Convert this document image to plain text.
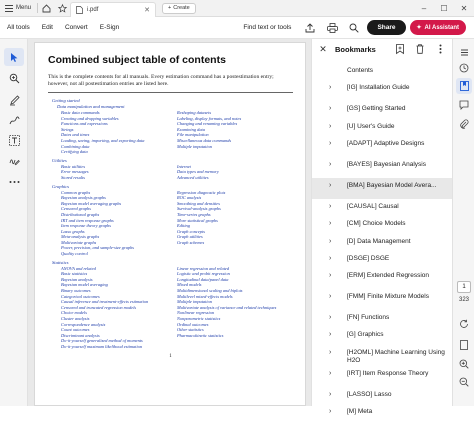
Menu	i.pdf	✕	+ Create	–	☐	✕
All tools	Edit	Convert	E-Sign	Find text or tools	Share	✦ AI Assistant
Combined subject table of contents
This is the complete contents for all manuals. Every estimation command has a postestimation entry; however, not all postestimation entries are listed here.
Getting started
Data manipulation and management
Basic data commands
Creating and dropping variables
Functions and expressions
Strings
Dates and times
Loading, saving, importing, and exporting data
Combining data
Certifying data
Reshaping datasets
Labeling, display formats, and notes
Changing and renaming variables
Examining data
File manipulation
Miscellaneous data commands
Multiple imputation
Utilities
Basic utilities
Error messages
Stored results
Internet
Data types and memory
Advanced utilities
Graphics
Common graphs
Bayesian analysis graphs
Bayesian model averaging graphs
Censored graphs
Distributional graphs
IRT and item response graphs
Item response theory graphs
Lasso graphs
Meta-analysis graphs
Multivariate graphs
Power, precision, and sample-size graphs
Quality control
Regression diagnostic plots
ROC analysis
Smoothing and densities
Survival-analysis graphs
Time-series graphs
More statistical graphs
Editing
Graph concepts
Graph utilities
Graph schemes
Statistics
ANOVA and related
Basic statistics
Bayesian analysis
Bayesian model averaging
Binary outcomes
Categorical outcomes
Causal inference and treatment-effects estimation
Censored and truncated regression models
Choice models
Cluster analysis
Correspondence analysis
Count outcomes
Discriminant analysis
Do-it-yourself generalized method of moments
Do-it-yourself maximum likelihood estimation
Linear regression and related
Logistic and probit regression
Longitudinal data/panel data
Mixed models
Multidimensional scaling and biplots
Multilevel mixed-effects models
Multiple imputation
Multivariate analysis of variance and related techniques
Nonlinear regression
Nonparametric statistics
Ordinal outcomes
Other statistics
Pharmacokinetic statistics
1
✕ Bookmarks
Contents
› [IG] Installation Guide
› [GS] Getting Started
› [U] User's Guide
› [ADAPT] Adaptive Designs
› [BAYES] Bayesian Analysis
› [BMA] Bayesian Model Avera...
› [CAUSAL] Causal
› [CM] Choice Models
› [D] Data Management
› [DSGE] DSGE
› [ERM] Extended Regression
› [FMM] Finite Mixture Models
› [FN] Functions
› [G] Graphics
› [H2OML] Machine Learning Using H2O
› [IRT] Item Response Theory
› [LASSO] Lasso
› [M] Meta
1
323
